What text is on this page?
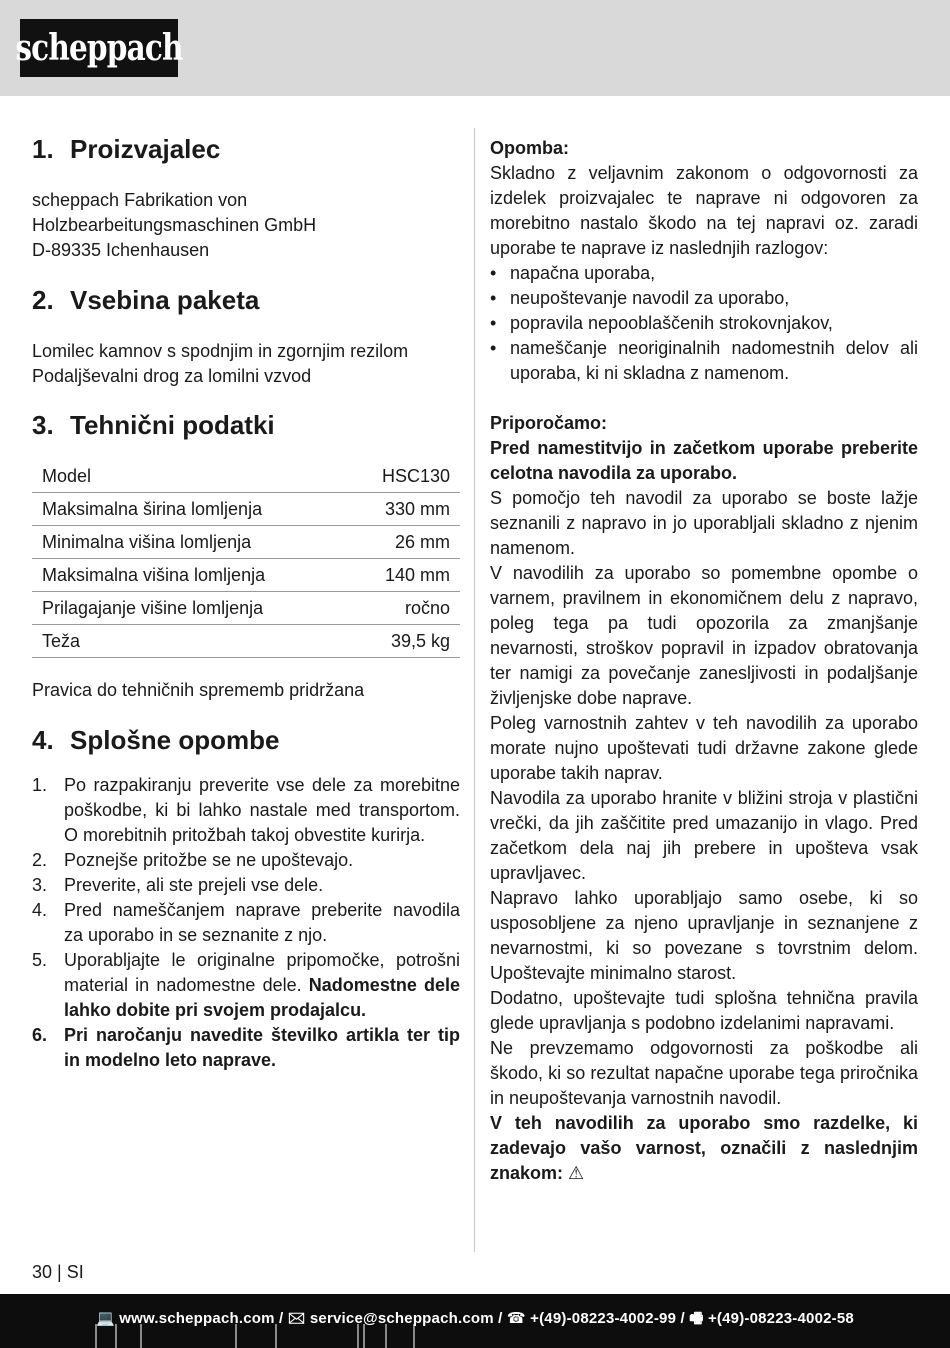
scheppach
1. Proizvajalec

scheppach Fabrikation von

Holzbearbeitungsmaschinen GmbH

D-89335 Ichenhausen

2. Vsebina paketa

Lomilec kamnov s spodnjim in zgornjim rezilom

Podaljševalni drog za lomilni vzvod

3. Tehnični podatki
Model	HSC130
Maksimalna širina lomljenja	330 mm
Minimalna višina lomljenja	26 mm
Maksimalna višina lomljenja	140 mm
Prilagajanje višine lomljenja	ročno
Teža	39,5 kg

Pravica do tehničnih sprememb pridržana

4. Splošne opombe
1. Po razpakiranju preverite vse dele za morebitne poškodbe, ki bi lahko nastale med transportom. O morebitnih pritožbah takoj obvestite kurirja.
2. Poznejše pritožbe se ne upoštevajo.
3. Preverite, ali ste prejeli vse dele.
4. Pred nameščanjem naprave preberite navodila za uporabo in se seznanite z njo.
5. Uporabljajte le originalne pripomočke, potrošni material in nadomestne dele. Nadomestne dele lahko dobite pri svojem prodajalcu.
6. Pri naročanju navedite številko artikla ter tip in modelno leto naprave.

Opomba:

Skladno z veljavnim zakonom o odgovornosti za izdelek proizvajalec te naprave ni odgovoren za morebitno nastalo škodo na tej napravi oz. zaradi uporabe te naprave iz naslednjih razlogov:

• napačna uporaba,
• neupoštevanje navodil za uporabo,
• popravila nepooblaščenih strokovnjakov,
• nameščanje neoriginalnih nadomestnih delov ali uporaba, ki ni skladna z namenom.

Priporočamo:

Pred namestitvijo in začetkom uporabe preberite celotna navodila za uporabo.

S pomočjo teh navodil za uporabo se boste lažje seznanili z napravo in jo uporabljali skladno z njenim namenom.

V navodilih za uporabo so pomembne opombe o varnem, pravilnem in ekonomičnem delu z napravo, poleg tega pa tudi opozorila za zmanjšanje nevarnosti, stroškov popravil in izpadov obratovanja ter namigi za povečanje zanesljivosti in podaljšanje življenjske dobe naprave.

Poleg varnostnih zahtev v teh navodilih za uporabo morate nujno upoštevati tudi državne zakone glede uporabe takih naprav.

Navodila za uporabo hranite v bližini stroja v plastični vrečki, da jih zaščitite pred umazanijo in vlago. Pred začetkom dela naj jih prebere in upošteva vsak upravljavec.

Napravo lahko uporabljajo samo osebe, ki so usposobljene za njeno upravljanje in seznanjene z nevarnostmi, ki so povezane s tovrstnim delom. Upoštevajte minimalno starost.

Dodatno, upoštevajte tudi splošna tehnična pravila glede upravljanja s podobno izdelanimi napravami.

Ne prevzemamo odgovornosti za poškodbe ali škodo, ki so rezultat napačne uporabe tega priročnika in neupoštevanja varnostnih navodil.

V teh navodilih za uporabo smo razdelke, ki zadevajo vašo varnost, označili z naslednjim znakom: ⚠

30 | SI
💻 www.scheppach.com / 🖂 service@scheppach.com / ☎ +(49)-08223-4002-99 / 🖷 +(49)-08223-4002-58
